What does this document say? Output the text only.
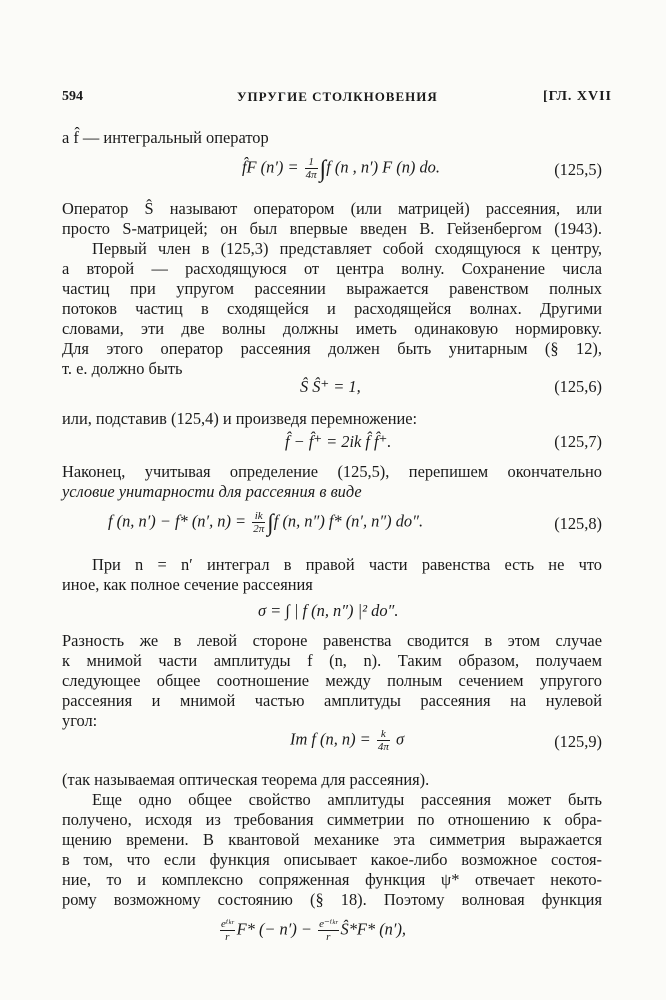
594	УПРУГИЕ СТОЛКНОВЕНИЯ	[ГЛ. XVII
а f̂ — интегральный оператор
f̂F $(n') = \frac{1}{4\pi} \int f$ (n , n′) F (n) do.	(125,5)
Оператор Ŝ называют оператором (или матрицей) рассеяния, или
просто S-матрицей; он был впервые введен В. Гейзенбергом (1943).
Первый член в (125,3) представляет собой сходящуюся к центру,
а второй — расходящуюся от центра волну. Сохранение числа
частиц при упругом рассеянии выражается равенством полных
потоков частиц в сходящейся и расходящейся волнах. Другими
словами, эти две волны должны иметь одинаковую нормировку.
Для этого оператор рассеяния должен быть унитарным (§ 12),
т. е. должно быть
Ŝ Ŝ⁺ = 1,	(125,6)
или, подставив (125,4) и произведя перемножение:
f̂ − f̂⁺ = 2ik f̂ f̂⁺.	(125,7)
Наконец, учитывая определение (125,5), перепишем окончательно
условие унитарности для рассеяния в виде
f (n, n′) − f* (n′, $n) = \frac{ik}{2\pi} \int f$ (n, n″) f* (n′, n″) do″.	(125,8)
При n = n′ интеграл в правой части равенства есть не что
иное, как полное сечение рассеяния
σ = ∫ | f (n, n″) |² do″.
Разность же в левой стороне равенства сводится в этом случае
к мнимой части амплитуды f (n, n). Таким образом, получаем
следующее общее соотношение между полным сечением упругого
рассеяния и мнимой частью амплитуды рассеяния на нулевой
угол:
Im f (n, $n) = \frac{k}{4\pi}$ σ	(125,9)
(так называемая оптическая теорема для рассеяния).
Еще одно общее свойство амплитуды рассеяния может быть
получено, исходя из требования симметрии по отношению к обра-
щению времени. В квантовой механике эта симметрия выражается
в том, что если функция описывает какое-либо возможное состоя-
ние, то и комплексно сопряженная функция ψ* отвечает некото-
рому возможному состоянию (§ 18). Поэтому волновая функция
$\frac{\text{eⁱᵏʳ}}{r} F*$ (− $n') - \frac{\text{e⁻ⁱᵏʳ}}{r}$ Ŝ*F* (n′),
